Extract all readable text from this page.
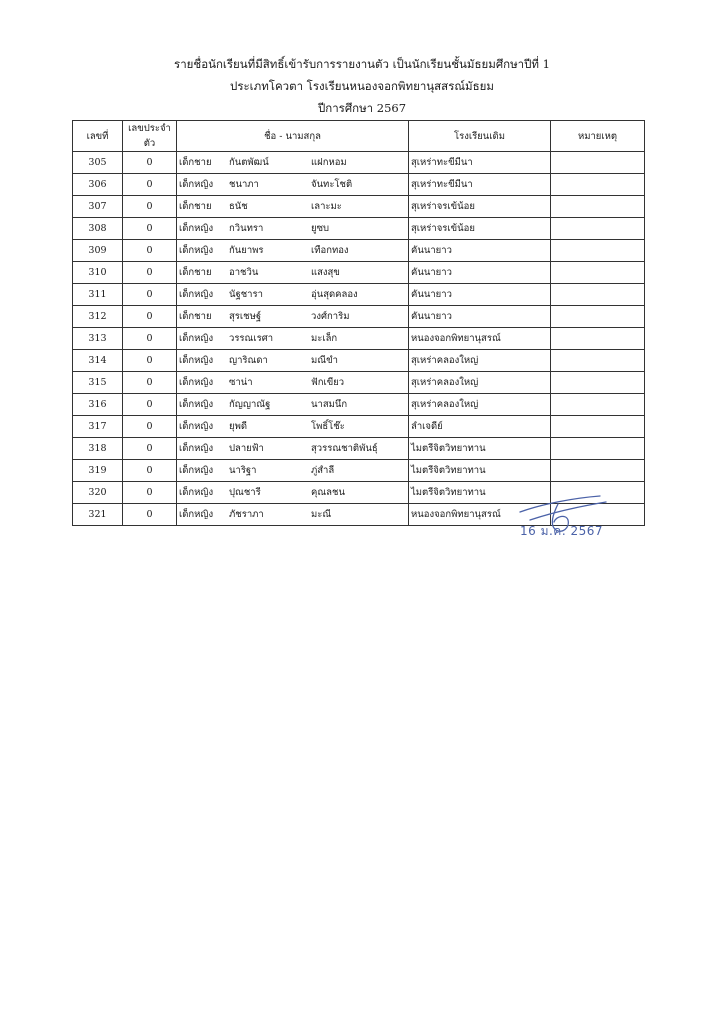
รายชื่อนักเรียนที่มีสิทธิ์เข้ารับการรายงานตัว เป็นนักเรียนชั้นมัธยมศึกษาปีที่ 1
ประเภทโควตา โรงเรียนหนองจอกพิทยานุสสรณ์มัธยม
ปีการศึกษา 2567
เลขที่	เลขประจำตัว	ชื่อ - นามสกุล	โรงเรียนเดิม	หมายเหตุ
305	0	เด็กชาย กันตพัฒน์ แฝกหอม	สุเหร่าทะขีมีนา	
306	0	เด็กหญิง ชนาภา จันทะโชติ	สุเหร่าทะขีมีนา	
307	0	เด็กชาย ธนัช เลาะมะ	สุเหร่าจรเข้น้อย	
308	0	เด็กหญิง กวินทรา ยูซบ	สุเหร่าจรเข้น้อย	
309	0	เด็กหญิง กันยาพร เทือกทอง	คันนายาว	
310	0	เด็กชาย อาชวิน แสงสุข	คันนายาว	
311	0	เด็กหญิง นัฐชารา อุ่นสุดคลอง	คันนายาว	
312	0	เด็กชาย สุรเชษฐ์ วงศ์การิม	คันนายาว	
313	0	เด็กหญิง วรรณเรศา มะเล็ก	หนองจอกพิทยานุสรณ์	
314	0	เด็กหญิง ญาริณดา มณีขำ	สุเหร่าคลองใหญ่	
315	0	เด็กหญิง ซาน่า ฟักเขียว	สุเหร่าคลองใหญ่	
316	0	เด็กหญิง กัญญาณัฐ นาสมนึก	สุเหร่าคลองใหญ่	
317	0	เด็กหญิง ยุพดี โพธิ์โช๊ะ	ลำเจดีย์	
318	0	เด็กหญิง ปลายฟ้า สุวรรณชาติพันธุ์	ไมตรีจิตวิทยาทาน	
319	0	เด็กหญิง นาริฐา ภู่สำลี	ไมตรีจิตวิทยาทาน	
320	0	เด็กหญิง ปุณชารี คุณลชน	ไมตรีจิตวิทยาทาน	
321	0	เด็กหญิง ภัชราภา มะณี	หนองจอกพิทยานุสรณ์	
16 ม.ค. 2567
